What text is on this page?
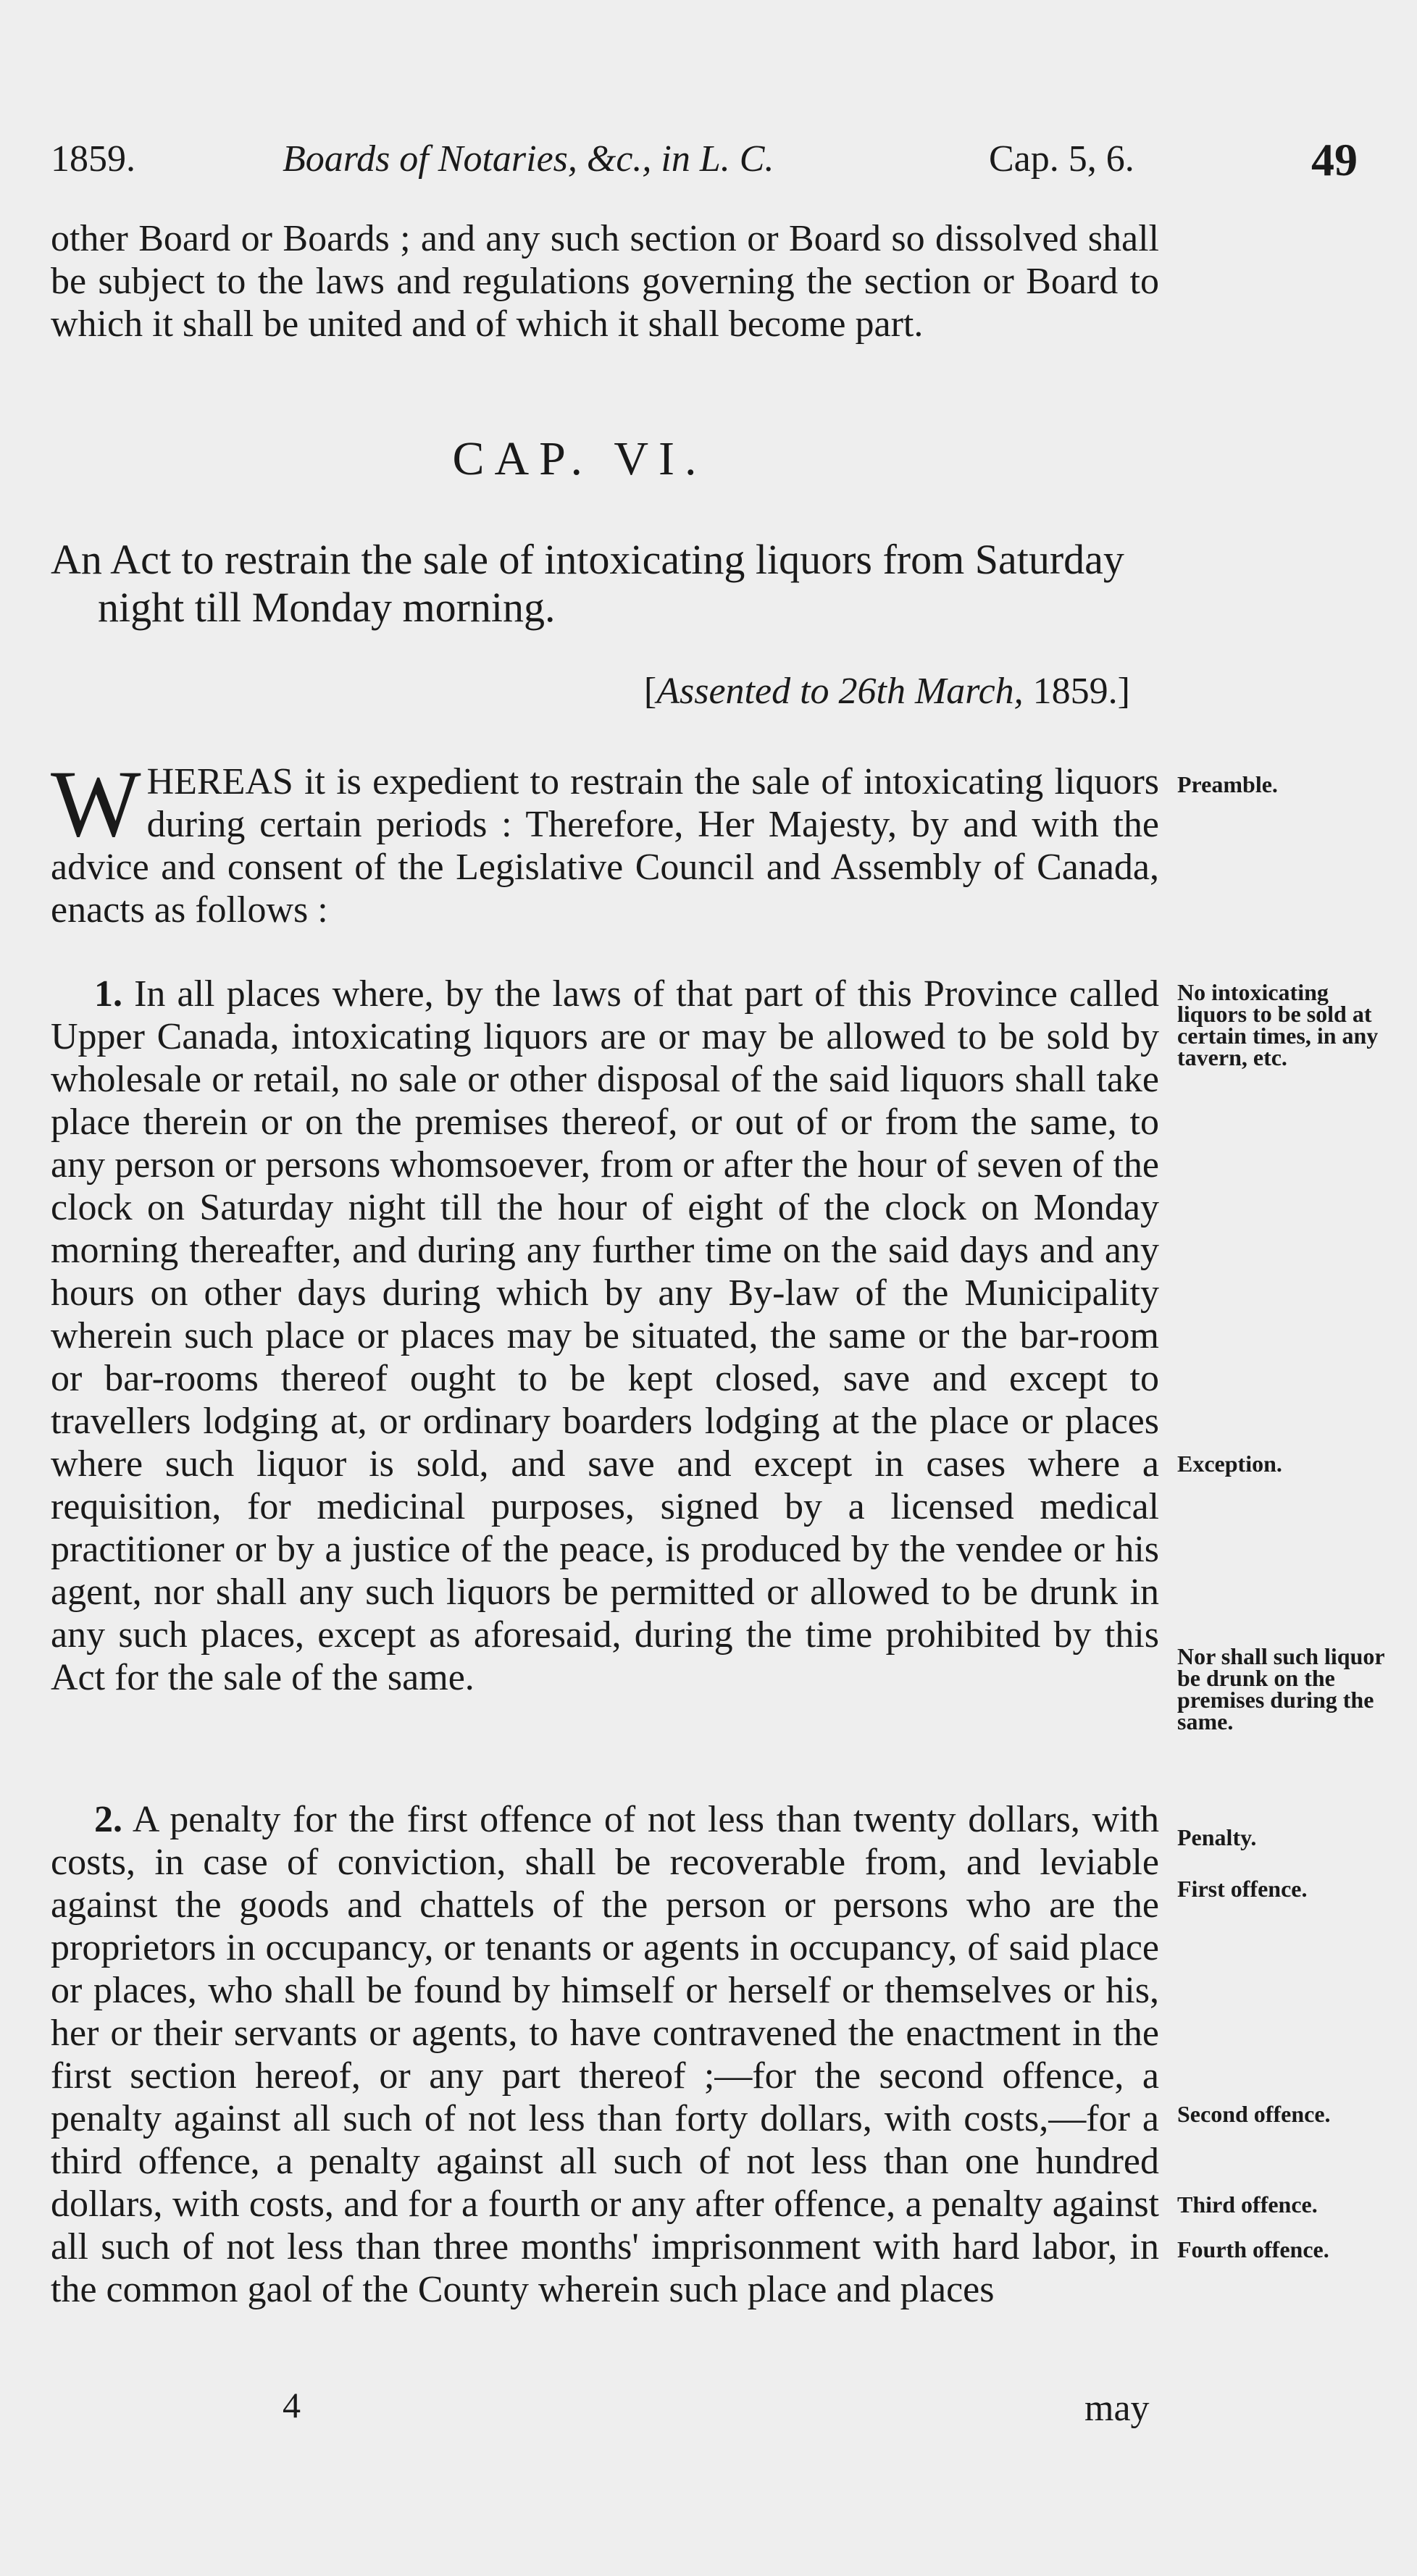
1859.	Boards of Notaries, &c., in L. C.	Cap. 5, 6.	49

other Board or Boards ; and any such section or Board so dissolved shall be subject to the laws and regulations governing the section or Board to which it shall be united and of which it shall become part.

CAP. VI.

An Act to restrain the sale of intoxicating liquors from Saturday night till Monday morning.

[Assented to 26th March, 1859.]

WHEREAS it is expedient to restrain the sale of intoxicating liquors during certain periods : Therefore, Her Majesty, by and with the advice and consent of the Legislative Council and Assembly of Canada, enacts as follows :

1. In all places where, by the laws of that part of this Province called Upper Canada, intoxicating liquors are or may be allowed to be sold by wholesale or retail, no sale or other disposal of the said liquors shall take place therein or on the premises thereof, or out of or from the same, to any person or persons whomsoever, from or after the hour of seven of the clock on Saturday night till the hour of eight of the clock on Monday morning thereafter, and during any further time on the said days and any hours on other days during which by any By-law of the Municipality wherein such place or places may be situated, the same or the bar-room or bar-rooms thereof ought to be kept closed, save and except to travellers lodging at, or ordinary boarders lodging at the place or places where such liquor is sold, and save and except in cases where a requisition, for medicinal purposes, signed by a licensed medical practitioner or by a justice of the peace, is produced by the vendee or his agent, nor shall any such liquors be permitted or allowed to be drunk in any such places, except as aforesaid, during the time prohibited by this Act for the sale of the same.

2. A penalty for the first offence of not less than twenty dollars, with costs, in case of conviction, shall be recoverable from, and leviable against the goods and chattels of the person or persons who are the proprietors in occupancy, or tenants or agents in occupancy, of said place or places, who shall be found by himself or herself or themselves or his, her or their servants or agents, to have contravened the enactment in the first section hereof, or any part thereof ;—for the second offence, a penalty against all such of not less than forty dollars, with costs,—for a third offence, a penalty against all such of not less than one hundred dollars, with costs, and for a fourth or any after offence, a penalty against all such of not less than three months' imprisonment with hard labor, in the common gaol of the County wherein such place and places

Preamble.

No intoxicating liquors to be sold at certain times, in any tavern, etc.

Exception.

Nor shall such liquor be drunk on the premises during the same.

Penalty.

First offence.

Second offence.

Third offence.

Fourth offence.

4	may
